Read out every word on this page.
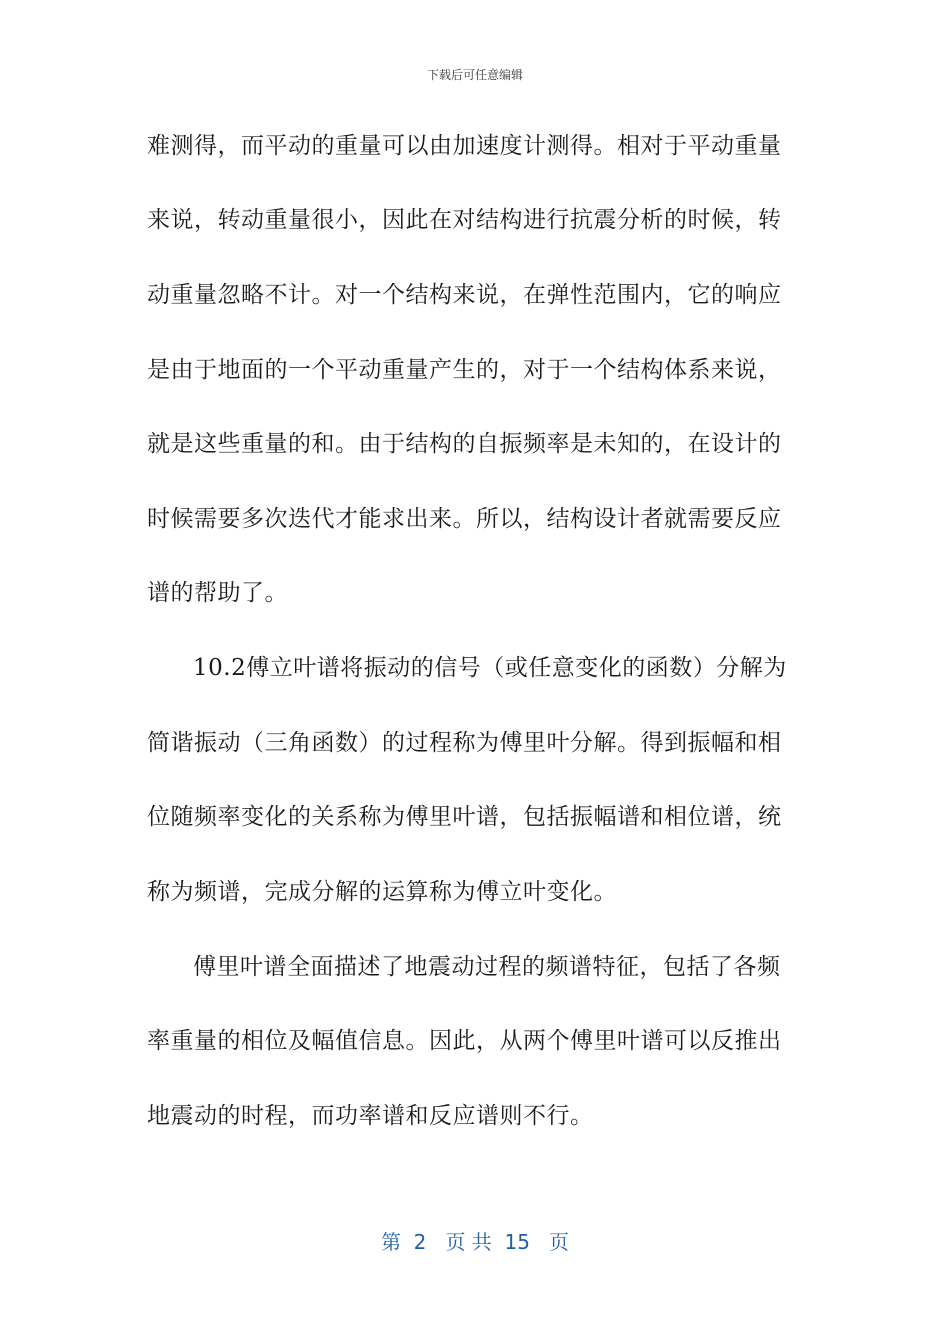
下载后可任意编辑
难测得，而平动的重量可以由加速度计测得。相对于平动重量
来说，转动重量很小，因此在对结构进行抗震分析的时候，转
动重量忽略不计。对一个结构来说，在弹性范围内，它的响应
是由于地面的一个平动重量产生的，对于一个结构体系来说，
就是这些重量的和。由于结构的自振频率是未知的，在设计的
时候需要多次迭代才能求出来。所以，结构设计者就需要反应
谱的帮助了。
10.2傅立叶谱将振动的信号（或任意变化的函数）分解为
简谐振动（三角函数）的过程称为傅里叶分解。得到振幅和相
位随频率变化的关系称为傅里叶谱，包括振幅谱和相位谱，统
称为频谱，完成分解的运算称为傅立叶变化。
傅里叶谱全面描述了地震动过程的频谱特征，包括了各频
率重量的相位及幅值信息。因此，从两个傅里叶谱可以反推出
地震动的时程，而功率谱和反应谱则不行。
第  2   页 共  15   页
